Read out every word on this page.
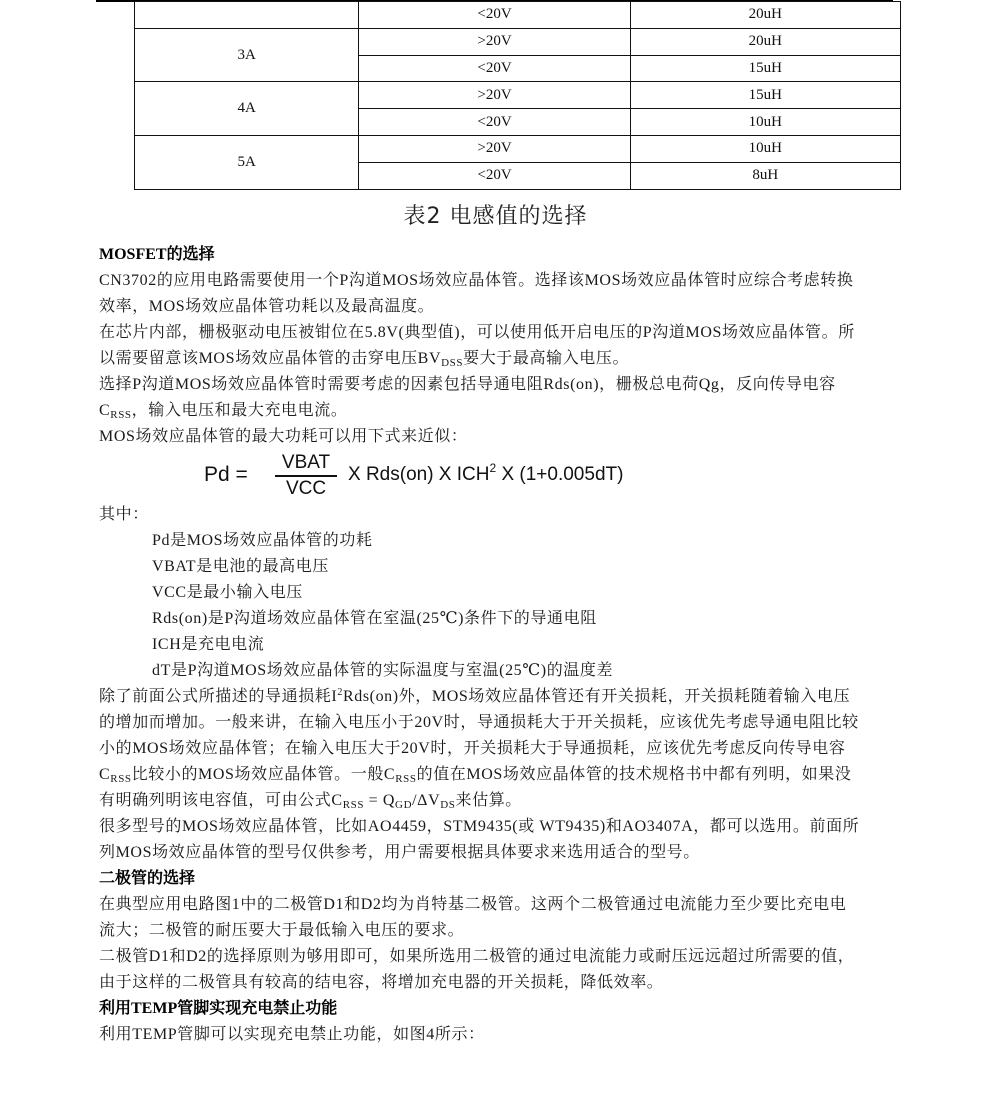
	<20V	20uH
3A	>20V	20uH
	<20V	15uH
4A	>20V	15uH
	<20V	10uH
5A	>20V	10uH
	<20V	8uH
表2 电感值的选择
MOSFET的选择
CN3702的应用电路需要使用一个P沟道MOS场效应晶体管。选择该MOS场效应晶体管时应综合考虑转换
效率，MOS场效应晶体管功耗以及最高温度。
在芯片内部，栅极驱动电压被钳位在5.8V(典型值)，可以使用低开启电压的P沟道MOS场效应晶体管。所
以需要留意该MOS场效应晶体管的击穿电压$BV_{DSS}$要大于最高输入电压。
选择P沟道MOS场效应晶体管时需要考虑的因素包括导通电阻Rds(on)，栅极总电荷Qg，反向传导电容
$C_{RSS}$，输入电压和最大充电电流。
MOS场效应晶体管的最大功耗可以用下式来近似：
Pd =
VBAT
VCC
X Rds(on) X ICH$^2$ X (1+0.005dT)
其中：
Pd是MOS场效应晶体管的功耗
VBAT是电池的最高电压
VCC是最小输入电压
Rds(on)是P沟道场效应晶体管在室温(25℃)条件下的导通电阻
ICH是充电电流
dT是P沟道MOS场效应晶体管的实际温度与室温(25℃)的温度差
除了前面公式所描述的导通损耗$I^2Rds(on)$外，MOS场效应晶体管还有开关损耗，开关损耗随着输入电压
的增加而增加。一般来讲，在输入电压小于20V时，导通损耗大于开关损耗，应该优先考虑导通电阻比较
小的MOS场效应晶体管；在输入电压大于20V时，开关损耗大于导通损耗，应该优先考虑反向传导电容
$C_{RSS}$比较小的MOS场效应晶体管。一般$C_{RSS}$的值在MOS场效应晶体管的技术规格书中都有列明，如果没
有明确列明该电容值，可由公式$C_{RSS} = Q_{GD}/\Delta V_{DS}$来估算。
很多型号的MOS场效应晶体管，比如AO4459，STM9435(或 WT9435)和AO3407A，都可以选用。前面所
列MOS场效应晶体管的型号仅供参考，用户需要根据具体要求来选用适合的型号。
二极管的选择
在典型应用电路图1中的二极管D1和D2均为肖特基二极管。这两个二极管通过电流能力至少要比充电电
流大；二极管的耐压要大于最低输入电压的要求。
二极管D1和D2的选择原则为够用即可，如果所选用二极管的通过电流能力或耐压远远超过所需要的值，
由于这样的二极管具有较高的结电容，将增加充电器的开关损耗，降低效率。
利用TEMP管脚实现充电禁止功能
利用TEMP管脚可以实现充电禁止功能，如图4所示：
